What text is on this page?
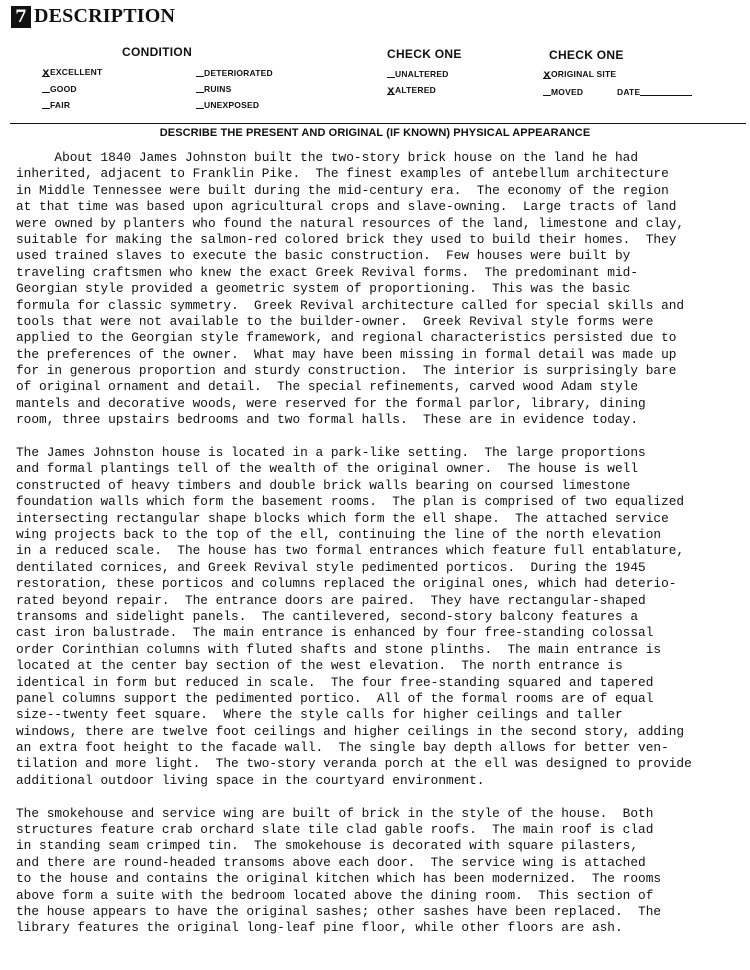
7 DESCRIPTION
CONDITION	CHECK ONE	CHECK ONE
XEXCELLENT
GOOD
FAIR
DETERIORATED
RUINS
UNEXPOSED
UNALTERED
XALTERED
XORIGINAL SITE
MOVED	DATE
DESCRIBE THE PRESENT AND ORIGINAL (IF KNOWN) PHYSICAL APPEARANCE
About 1840 James Johnston built the two-story brick house on the land he had
inherited, adjacent to Franklin Pike.  The finest examples of antebellum architecture
in Middle Tennessee were built during the mid-century era.  The economy of the region
at that time was based upon agricultural crops and slave-owning.  Large tracts of land
were owned by planters who found the natural resources of the land, limestone and clay,
suitable for making the salmon-red colored brick they used to build their homes.  They
used trained slaves to execute the basic construction.  Few houses were built by
traveling craftsmen who knew the exact Greek Revival forms.  The predominant mid-
Georgian style provided a geometric system of proportioning.  This was the basic
formula for classic symmetry.  Greek Revival architecture called for special skills and
tools that were not available to the builder-owner.  Greek Revival style forms were
applied to the Georgian style framework, and regional characteristics persisted due to
the preferences of the owner.  What may have been missing in formal detail was made up
for in generous proportion and sturdy construction.  The interior is surprisingly bare
of original ornament and detail.  The special refinements, carved wood Adam style
mantels and decorative woods, were reserved for the formal parlor, library, dining
room, three upstairs bedrooms and two formal halls.  These are in evidence today.
The James Johnston house is located in a park-like setting.  The large proportions
and formal plantings tell of the wealth of the original owner.  The house is well
constructed of heavy timbers and double brick walls bearing on coursed limestone
foundation walls which form the basement rooms.  The plan is comprised of two equalized
intersecting rectangular shape blocks which form the ell shape.  The attached service
wing projects back to the top of the ell, continuing the line of the north elevation
in a reduced scale.  The house has two formal entrances which feature full entablature,
dentilated cornices, and Greek Revival style pedimented porticos.  During the 1945
restoration, these porticos and columns replaced the original ones, which had deterio-
rated beyond repair.  The entrance doors are paired.  They have rectangular-shaped
transoms and sidelight panels.  The cantilevered, second-story balcony features a
cast iron balustrade.  The main entrance is enhanced by four free-standing colossal
order Corinthian columns with fluted shafts and stone plinths.  The main entrance is
located at the center bay section of the west elevation.  The north entrance is
identical in form but reduced in scale.  The four free-standing squared and tapered
panel columns support the pedimented portico.  All of the formal rooms are of equal
size--twenty feet square.  Where the style calls for higher ceilings and taller
windows, there are twelve foot ceilings and higher ceilings in the second story, adding
an extra foot height to the facade wall.  The single bay depth allows for better ven-
tilation and more light.  The two-story veranda porch at the ell was designed to provide
additional outdoor living space in the courtyard environment.
The smokehouse and service wing are built of brick in the style of the house.  Both
structures feature crab orchard slate tile clad gable roofs.  The main roof is clad
in standing seam crimped tin.  The smokehouse is decorated with square pilasters,
and there are round-headed transoms above each door.  The service wing is attached
to the house and contains the original kitchen which has been modernized.  The rooms
above form a suite with the bedroom located above the dining room.  This section of
the house appears to have the original sashes; other sashes have been replaced.  The
library features the original long-leaf pine floor, while other floors are ash.
